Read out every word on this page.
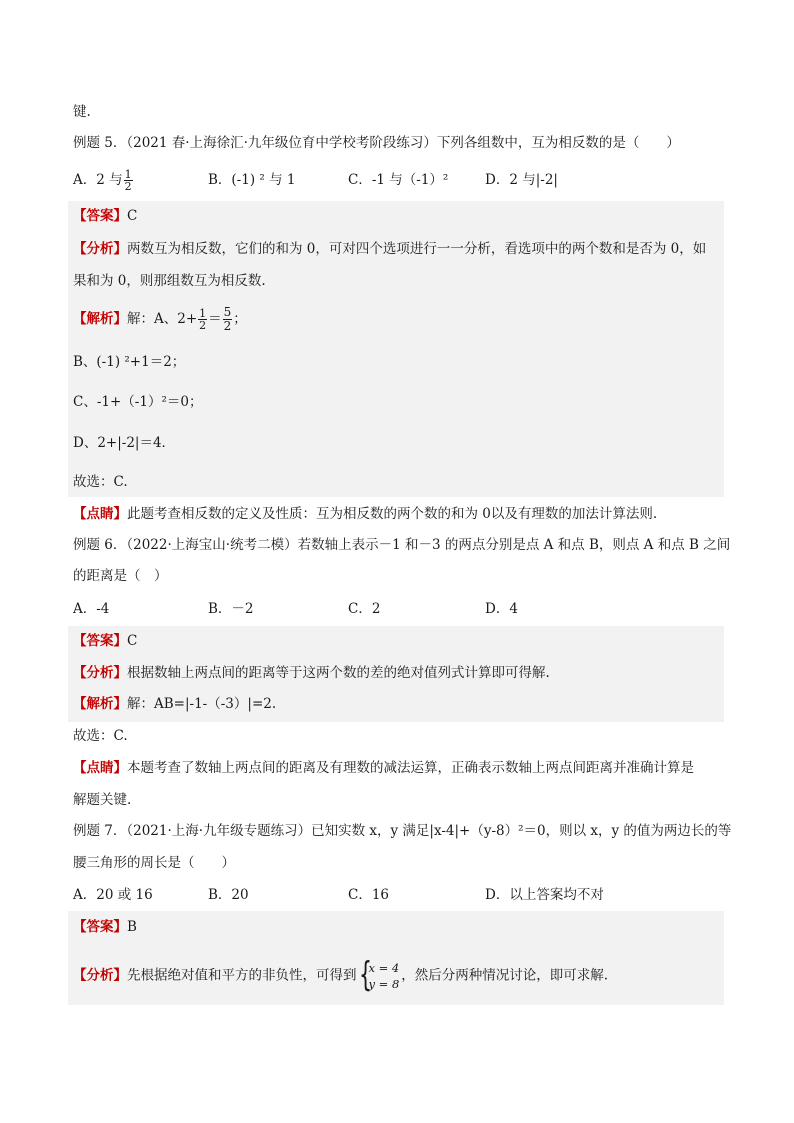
键.
例题 5．（2021 春·上海徐汇·九年级位育中学校考阶段练习）下列各组数中，互为相反数的是（　　）
A．2 与 $\frac{1}{2}$	B．(-1) ² 与 1	C．-1 与（-1）²	D．2 与|-2|
【答案】C
【分析】两数互为相反数，它们的和为 0，可对四个选项进行一一分析，看选项中的两个数和是否为 0，如
果和为 0，则那组数互为相反数.
【解析】解：A、$2+ \frac{1}{2} = \frac{5}{2}$ ；
B、(-1) ²+1＝2；
C、-1+（-1）²＝0；
D、2+|-2|＝4．
故选：C.
【点睛】此题考查相反数的定义及性质：互为相反数的两个数的和为 0以及有理数的加法计算法则.
例题 6．（2022·上海宝山·统考二模）若数轴上表示－1 和－3 的两点分别是点 A 和点 B，则点 A 和点 B 之间
的距离是（　）
A．-4	B．－2	C．2	D．4
【答案】C
【分析】根据数轴上两点间的距离等于这两个数的差的绝对值列式计算即可得解.
【解析】解：AB=|-1-（-3）|=2.
故选：C.
【点睛】本题考查了数轴上两点间的距离及有理数的减法运算，正确表示数轴上两点间距离并准确计算是
解题关键.
例题 7．（2021·上海·九年级专题练习）已知实数 x，y 满足|x-4|+（y-8）²＝0，则以 x，y 的值为两边长的等
腰三角形的周长是（　　）
A．20 或 16	B．20	C．16	D．以上答案均不对
【答案】B
【分析】先根据绝对值和平方的非负性，可得到 {
x = 4
y = 8
，然后分两种情况讨论，即可求解.
